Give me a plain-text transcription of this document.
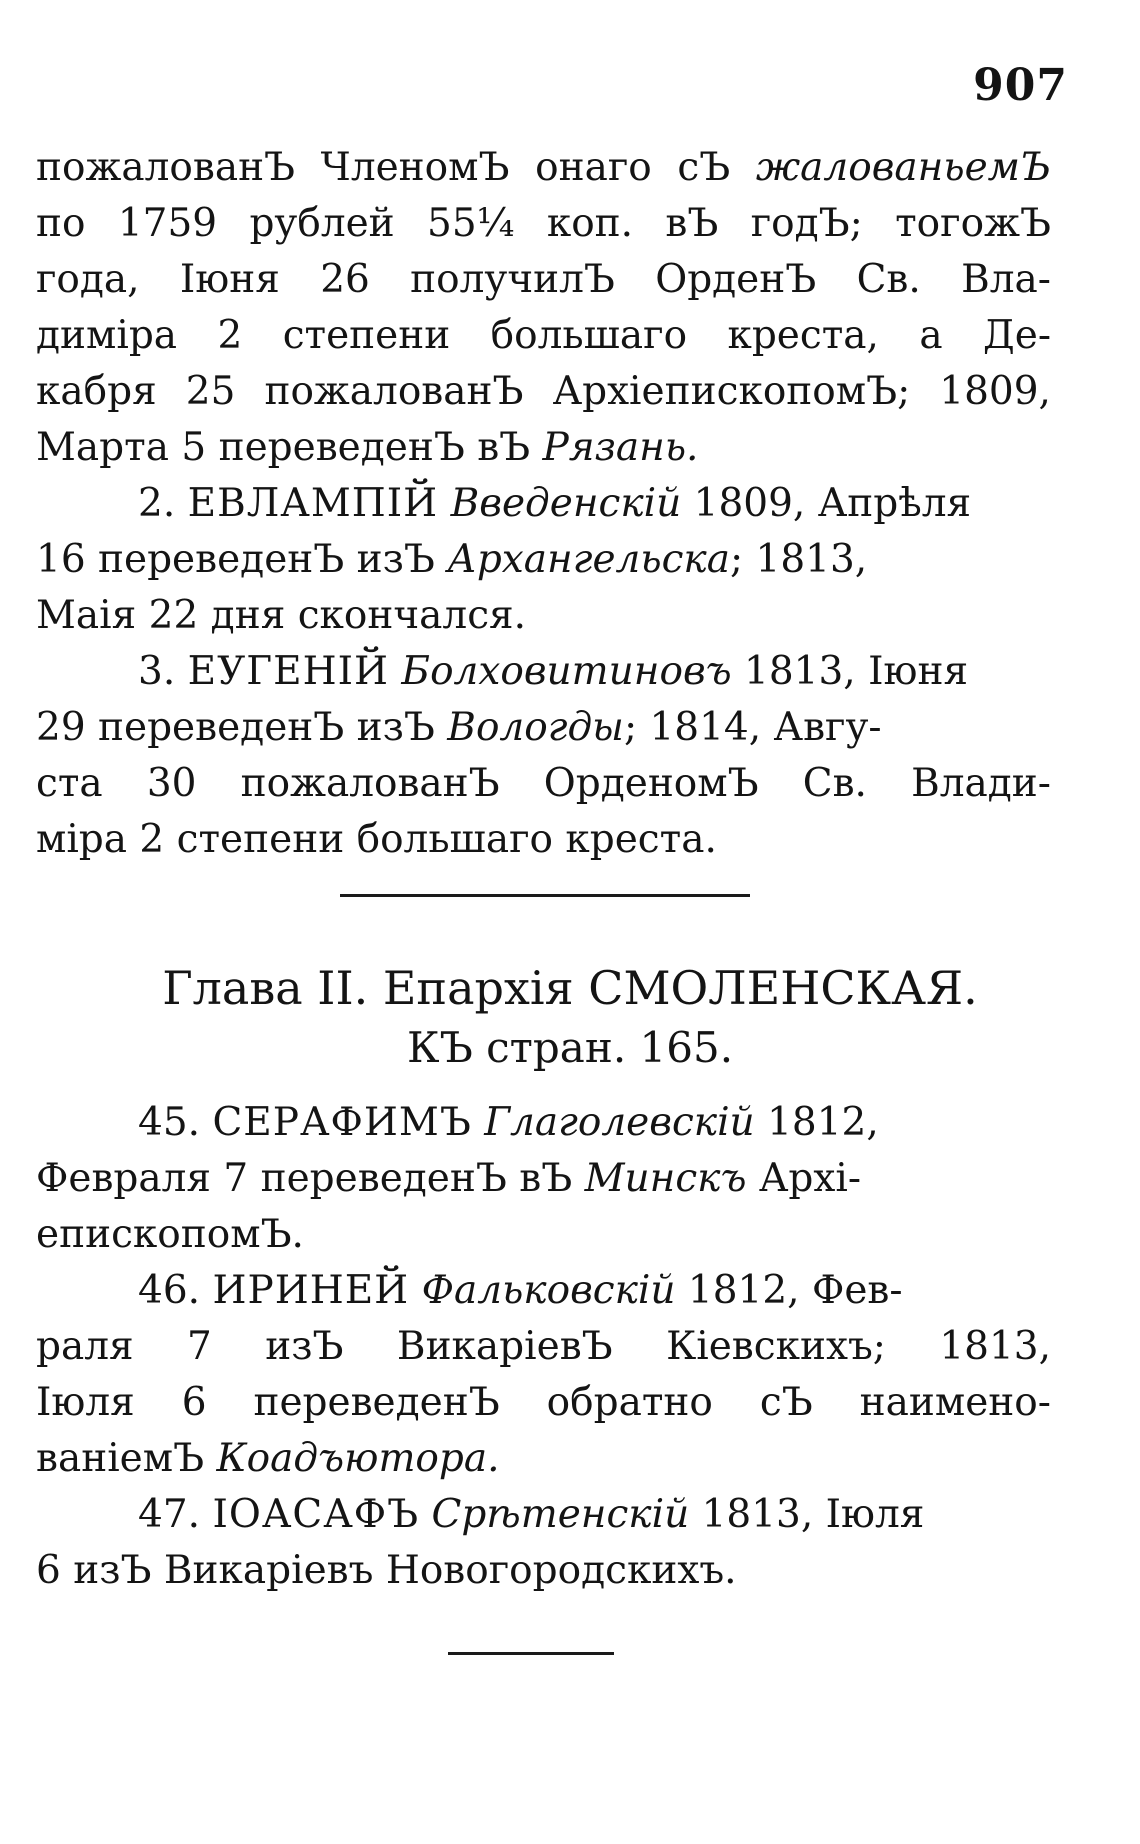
907
пожалованЪ ЧленомЪ онаго сЪ жалованьемЪ
по 1759 рублей 55¼ коп. вЪ годЪ; тогожЪ
года, Iюня 26 получилЪ ОрденЪ Св. Вла-
димiра 2 степени большаго креста, а Де-
кабря 25 пожалованЪ АрхiепископомЪ; 1809,
Марта 5 переведенЪ вЪ Рязань.
2. ЕВЛАМПIЙ Введенскiй 1809, Апрѣля
16 переведенЪ изЪ Архангельска; 1813,
Маiя 22 дня скончался.
3. ЕУГЕНIЙ Болховитиновъ 1813, Iюня
29 переведенЪ изЪ Вологды; 1814, Авгу-
ста 30 пожалованЪ ОрденомЪ Св. Влади-
мiра 2 степени большаго креста.
Глава II. Епархiя СМОЛЕНСКАЯ.
КЪ стран. 165.
45. СЕРАФИМЪ Глаголевскiй 1812,
Февраля 7 переведенЪ вЪ Минскъ Архi-
епископомЪ.
46. ИРИНЕЙ Фальковскiй 1812, Фев-
раля 7 изЪ ВикарiевЪ Кiевскихъ; 1813,
Iюля 6 переведенЪ обратно сЪ наимено-
ванiемЪ Коадъютора.
47. IОАСАФЪ Срѣтенскiй 1813, Iюля
6 изЪ Викарiевъ Новогородскихъ.
